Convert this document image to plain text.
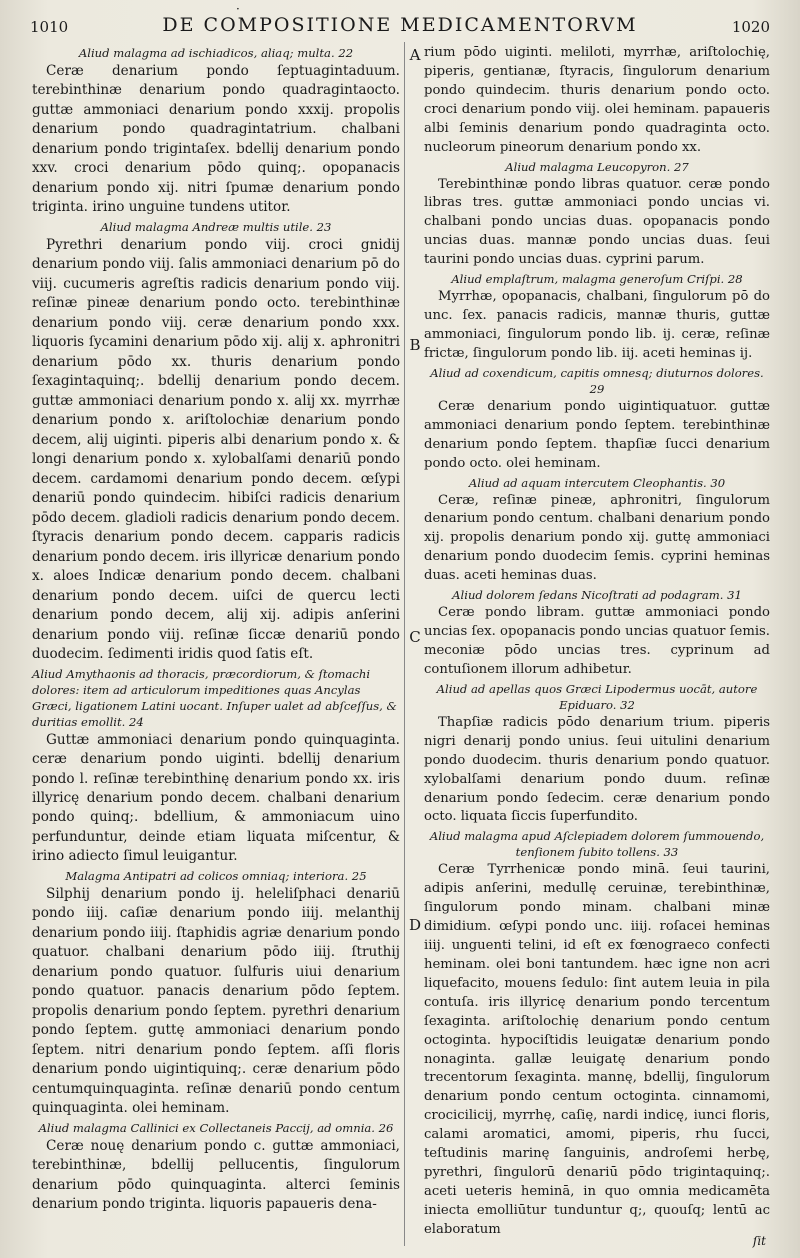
·
1010	DE COMPOSITIONE MEDICAMENTORVM	1020
Aliud malagma ad ischiadicos, aliaq; multa. 22

Ceræ denarium pondo ſeptuagintaduum. terebinthinæ denarium pondo quadragintaocto. guttæ ammoniaci denarium pondo xxxij. propolis denarium pondo quadragintatrium. chalbani denarium pondo trigintaſex. bdellij denarium pondo xxv. croci denarium pōdo quinq;. opopanacis denarium pondo xij. nitri ſpumæ denarium pondo triginta. irino unguine tundens utitor.

Aliud malagma Andreæ multis utile. 23

Pyrethri denarium pondo viij. croci gnidij denarium pondo viij. ſalis ammoniaci denarium pō do viij. cucumeris agreſtis radicis denarium pondo viij. reſinæ pineæ denarium pondo octo. terebinthinæ denarium pondo viij. ceræ denarium pondo xxx. liquoris ſycamini denarium pōdo xij. alij x. aphronitri denarium pōdo xx. thuris denarium pondo ſexagintaquinq;. bdellij denarium pondo decem. guttæ ammoniaci denarium pondo x. alij xx. myrrhæ denarium pondo x. ariſtolochiæ denarium pondo decem, alij uiginti. piperis albi denarium pondo x. & longi denarium pondo x. xylobalſami denariū pondo decem. cardamomi denarium pondo decem. œſypi denariū pondo quindecim. hibiſci radicis denarium pōdo decem. gladioli radicis denarium pondo decem. ſtyracis denarium pondo decem. capparis radicis denarium pondo decem. iris illyricæ denarium pondo x. aloes Indicæ denarium pondo decem. chalbani denarium pondo decem. uiſci de quercu lecti denarium pondo decem, alij xij. adipis anſerini denarium pondo viij. reſinæ ſiccæ denariū pondo duodecim. ſedimenti iridis quod ſatis eſt.

Aliud Amythaonis ad thoracis, præcordiorum, & ſtomachi dolores: item ad articulorum impeditiones quas Ancylas Græci, ligationem Latini uocant. Inſuper ualet ad abſceſſus, & duritias emollit. 24

Guttæ ammoniaci denarium pondo quinquaginta. ceræ denarium pondo uiginti. bdellij denarium pondo l. reſinæ terebinthinę denarium pondo xx. iris illyricę denarium pondo decem. chalbani denarium pondo quinq;. bdellium, & ammoniacum uino perfunduntur, deinde etiam liquata miſcentur, & irino adiecto ſimul leuigantur.

Malagma Antipatri ad colicos omniaq; interiora. 25

Silphij denarium pondo ij. heleliſphaci denariū pondo iiij. caſiæ denarium pondo iiij. melanthij denarium pondo iiij. ſtaphidis agriæ denarium pondo quatuor. chalbani denarium pōdo iiij. ſtruthij denarium pondo quatuor. ſulfuris uiui denarium pondo quatuor. panacis denarium pōdo ſeptem. propolis denarium pondo ſeptem. pyrethri denarium pondo ſeptem. guttę ammoniaci denarium pondo ſeptem. nitri denarium pondo ſeptem. aſſi floris denarium pondo uigintiquinq;. ceræ denarium pōdo centumquinquaginta. reſinæ denariū pondo centum quinquaginta. olei heminam.

Aliud malagma Callinici ex Collectaneis Paccij, ad omnia. 26

Ceræ nouę denarium pondo c. guttæ ammoniaci, terebinthinæ, bdellij pellucentis, ſingulorum denarium pōdo quinquaginta. alterci ſeminis denarium pondo triginta. liquoris papaueris dena-

A
B
C
D

rium pōdo uiginti. meliloti, myrrhæ, ariſtolochię, piperis, gentianæ, ſtyracis, ſingulorum denarium pondo quindecim. thuris denarium pondo octo. croci denarium pondo viij. olei heminam. papaueris albi ſeminis denarium pondo quadraginta octo. nucleorum pineorum denarium pondo xx.

Aliud malagma Leucopyron. 27

Terebinthinæ pondo libras quatuor. ceræ pondo libras tres. guttæ ammoniaci pondo uncias vi. chalbani pondo uncias duas. opopanacis pondo uncias duas. mannæ pondo uncias duas. ſeui taurini pondo uncias duas. cyprini parum.

Aliud emplaſtrum, malagma generoſum Criſpi. 28

Myrrhæ, opopanacis, chalbani, ſingulorum pō do unc. ſex. panacis radicis, mannæ thuris, guttæ ammoniaci, ſingulorum pondo lib. ij. ceræ, reſinæ frictæ, ſingulorum pondo lib. iij. aceti heminas ij.

Aliud ad coxendicum, capitis omnesq; diuturnos dolores. 29

Ceræ denarium pondo uigintiquatuor. guttæ ammoniaci denarium pondo ſeptem. terebinthinæ denarium pondo ſeptem. thapſiæ ſucci denarium pondo octo. olei heminam.

Aliud ad aquam intercutem Cleophantis. 30

Ceræ, reſinæ pineæ, aphronitri, ſingulorum denarium pondo centum. chalbani denarium pondo xij. propolis denarium pondo xij. guttę ammoniaci denarium pondo duodecim ſemis. cyprini heminas duas. aceti heminas duas.

Aliud dolorem ſedans Nicoſtrati ad podagram. 31

Ceræ pondo libram. guttæ ammoniaci pondo uncias ſex. opopanacis pondo uncias quatuor ſemis. meconiæ pōdo uncias tres. cyprinum ad contuſionem illorum adhibetur.

Aliud ad apellas quos Græci Lipodermus uocāt, autore Epiduaro. 32

Thapſiæ radicis pōdo denarium trium. piperis nigri denarij pondo unius. ſeui uitulini denarium pondo duodecim. thuris denarium pondo quatuor. xylobalſami denarium pondo duum. reſinæ denarium pondo ſedecim. ceræ denarium pondo octo. liquata ſiccis ſuperfundito.

Aliud malagma apud Aſclepiadem dolorem ſummouendo, tenſionem ſubito tollens. 33

Ceræ Tyrrhenicæ pondo minā. ſeui taurini, adipis anſerini, medullę ceruinæ, terebinthinæ, ſingulorum pondo minam. chalbani minæ dimidium. œſypi pondo unc. iiij. roſacei heminas iiij. unguenti telini, id eſt ex fœnograeco confecti heminam. olei boni tantundem. hæc igne non acri liquefacito, mouens ſedulo: ſint autem leuia in pila contuſa. iris illyricę denarium pondo tercentum ſexaginta. ariſtolochię denarium pondo centum octoginta. hypociſtidis leuigatæ denarium pondo nonaginta. gallæ leuigatę denarium pondo trecentorum ſexaginta. mannę, bdellij, ſingulorum denarium pondo centum octoginta. cinnamomi, crocicilicij, myrrhę, caſię, nardi indicę, iunci floris, calami aromatici, amomi, piperis, rhu ſucci, teſtudinis marinę ſanguinis, androſemi herbę, pyrethri, ſingulorū denariū pōdo trigintaquinq;. aceti ueteris heminā, in quo omnia medicamēta iniecta emolliūtur tunduntur q;, quouſq; lentū ac elaboratum

ſit
